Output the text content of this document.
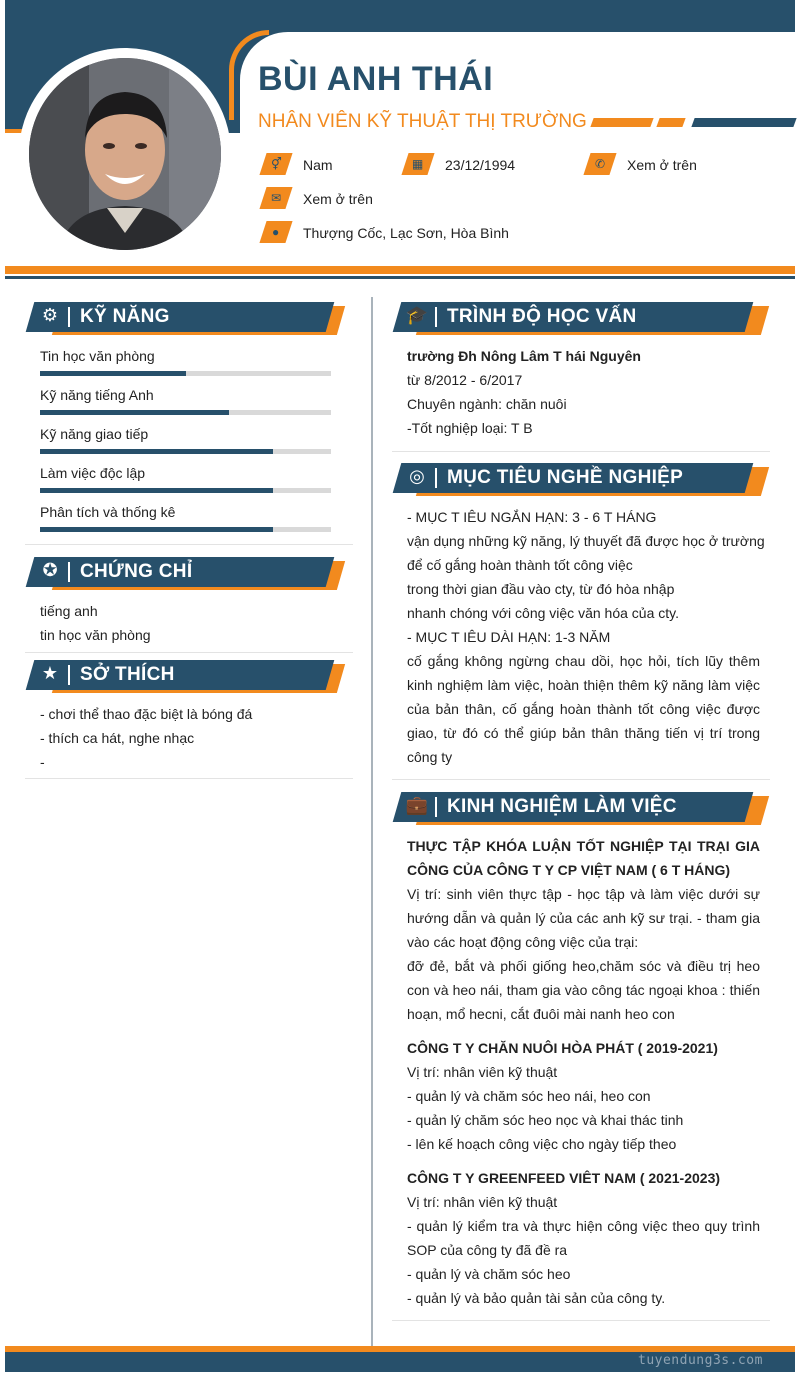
BÙI ANH THÁI
NHÂN VIÊN KỸ THUẬT THỊ TRƯỜNG
⚥ Nam	▦ 23/12/1994	✆ Xem ở trên
✉ Xem ở trên
● Thượng Cốc, Lạc Sơn, Hòa Bình
⚙ KỸ NĂNG
Tin học văn phòng
Kỹ năng tiếng Anh
Kỹ năng giao tiếp
Làm việc độc lập
Phân tích và thống kê
✪ CHỨNG CHỈ
tiếng anh
tin học văn phòng
★ SỞ THÍCH
- chơi thể thao đặc biệt là bóng đá
- thích ca hát, nghe nhạc
-
🎓 TRÌNH ĐỘ HỌC VẤN
trường Đh Nông Lâm T hái Nguyên
từ 8/2012 - 6/2017
Chuyên ngành: chăn nuôi
-Tốt nghiệp loại: T B
◎ MỤC TIÊU NGHỀ NGHIỆP
- MỤC T IÊU NGẮN HẠN: 3 - 6 T HÁNG
vận dụng những kỹ năng, lý thuyết đã được học ở trường
để cố gắng hoàn thành tốt công việc
trong thời gian đầu vào cty, từ đó hòa nhập
nhanh chóng với công việc văn hóa của cty.
- MỤC T IÊU DÀI HẠN: 1-3 NĂM
cố gắng không ngừng chau dồi, học hỏi, tích lũy thêm kinh nghiệm làm việc, hoàn thiện thêm kỹ năng làm việc của bản thân, cố gắng hoàn thành tốt công việc được giao, từ đó có thể giúp bản thân thăng tiến vị trí trong công ty
💼 KINH NGHIỆM LÀM VIỆC
THỰC TẬP KHÓA LUẬN TỐT NGHIỆP TẠI TRẠI GIA CÔNG CỦA CÔNG T Y CP VIỆT NAM ( 6 T HÁNG)
Vị trí: sinh viên thực tập - học tập và làm việc dưới sự hướng dẫn và quản lý của các anh kỹ sư trại. - tham gia vào các hoạt động công việc của trại:
đỡ đẻ, bắt và phối giống heo,chăm sóc và điều trị heo con và heo nái, tham gia vào công tác ngoại khoa : thiến hoạn, mổ hecni, cắt đuôi mài nanh heo con
CÔNG T Y CHĂN NUÔI HÒA PHÁT ( 2019-2021)
Vị trí: nhân viên kỹ thuật
- quản lý và chăm sóc heo nái, heo con
- quản lý chăm sóc heo nọc và khai thác tinh
- lên kế hoạch công việc cho ngày tiếp theo
CÔNG T Y GREENFEED VIÊT NAM ( 2021-2023)
Vị trí: nhân viên kỹ thuật
- quản lý kiểm tra và thực hiện công việc theo quy trình SOP của công ty đã đề ra
- quản lý và chăm sóc heo
- quản lý và bảo quản tài sản của công ty.
tuyendung3s.com
